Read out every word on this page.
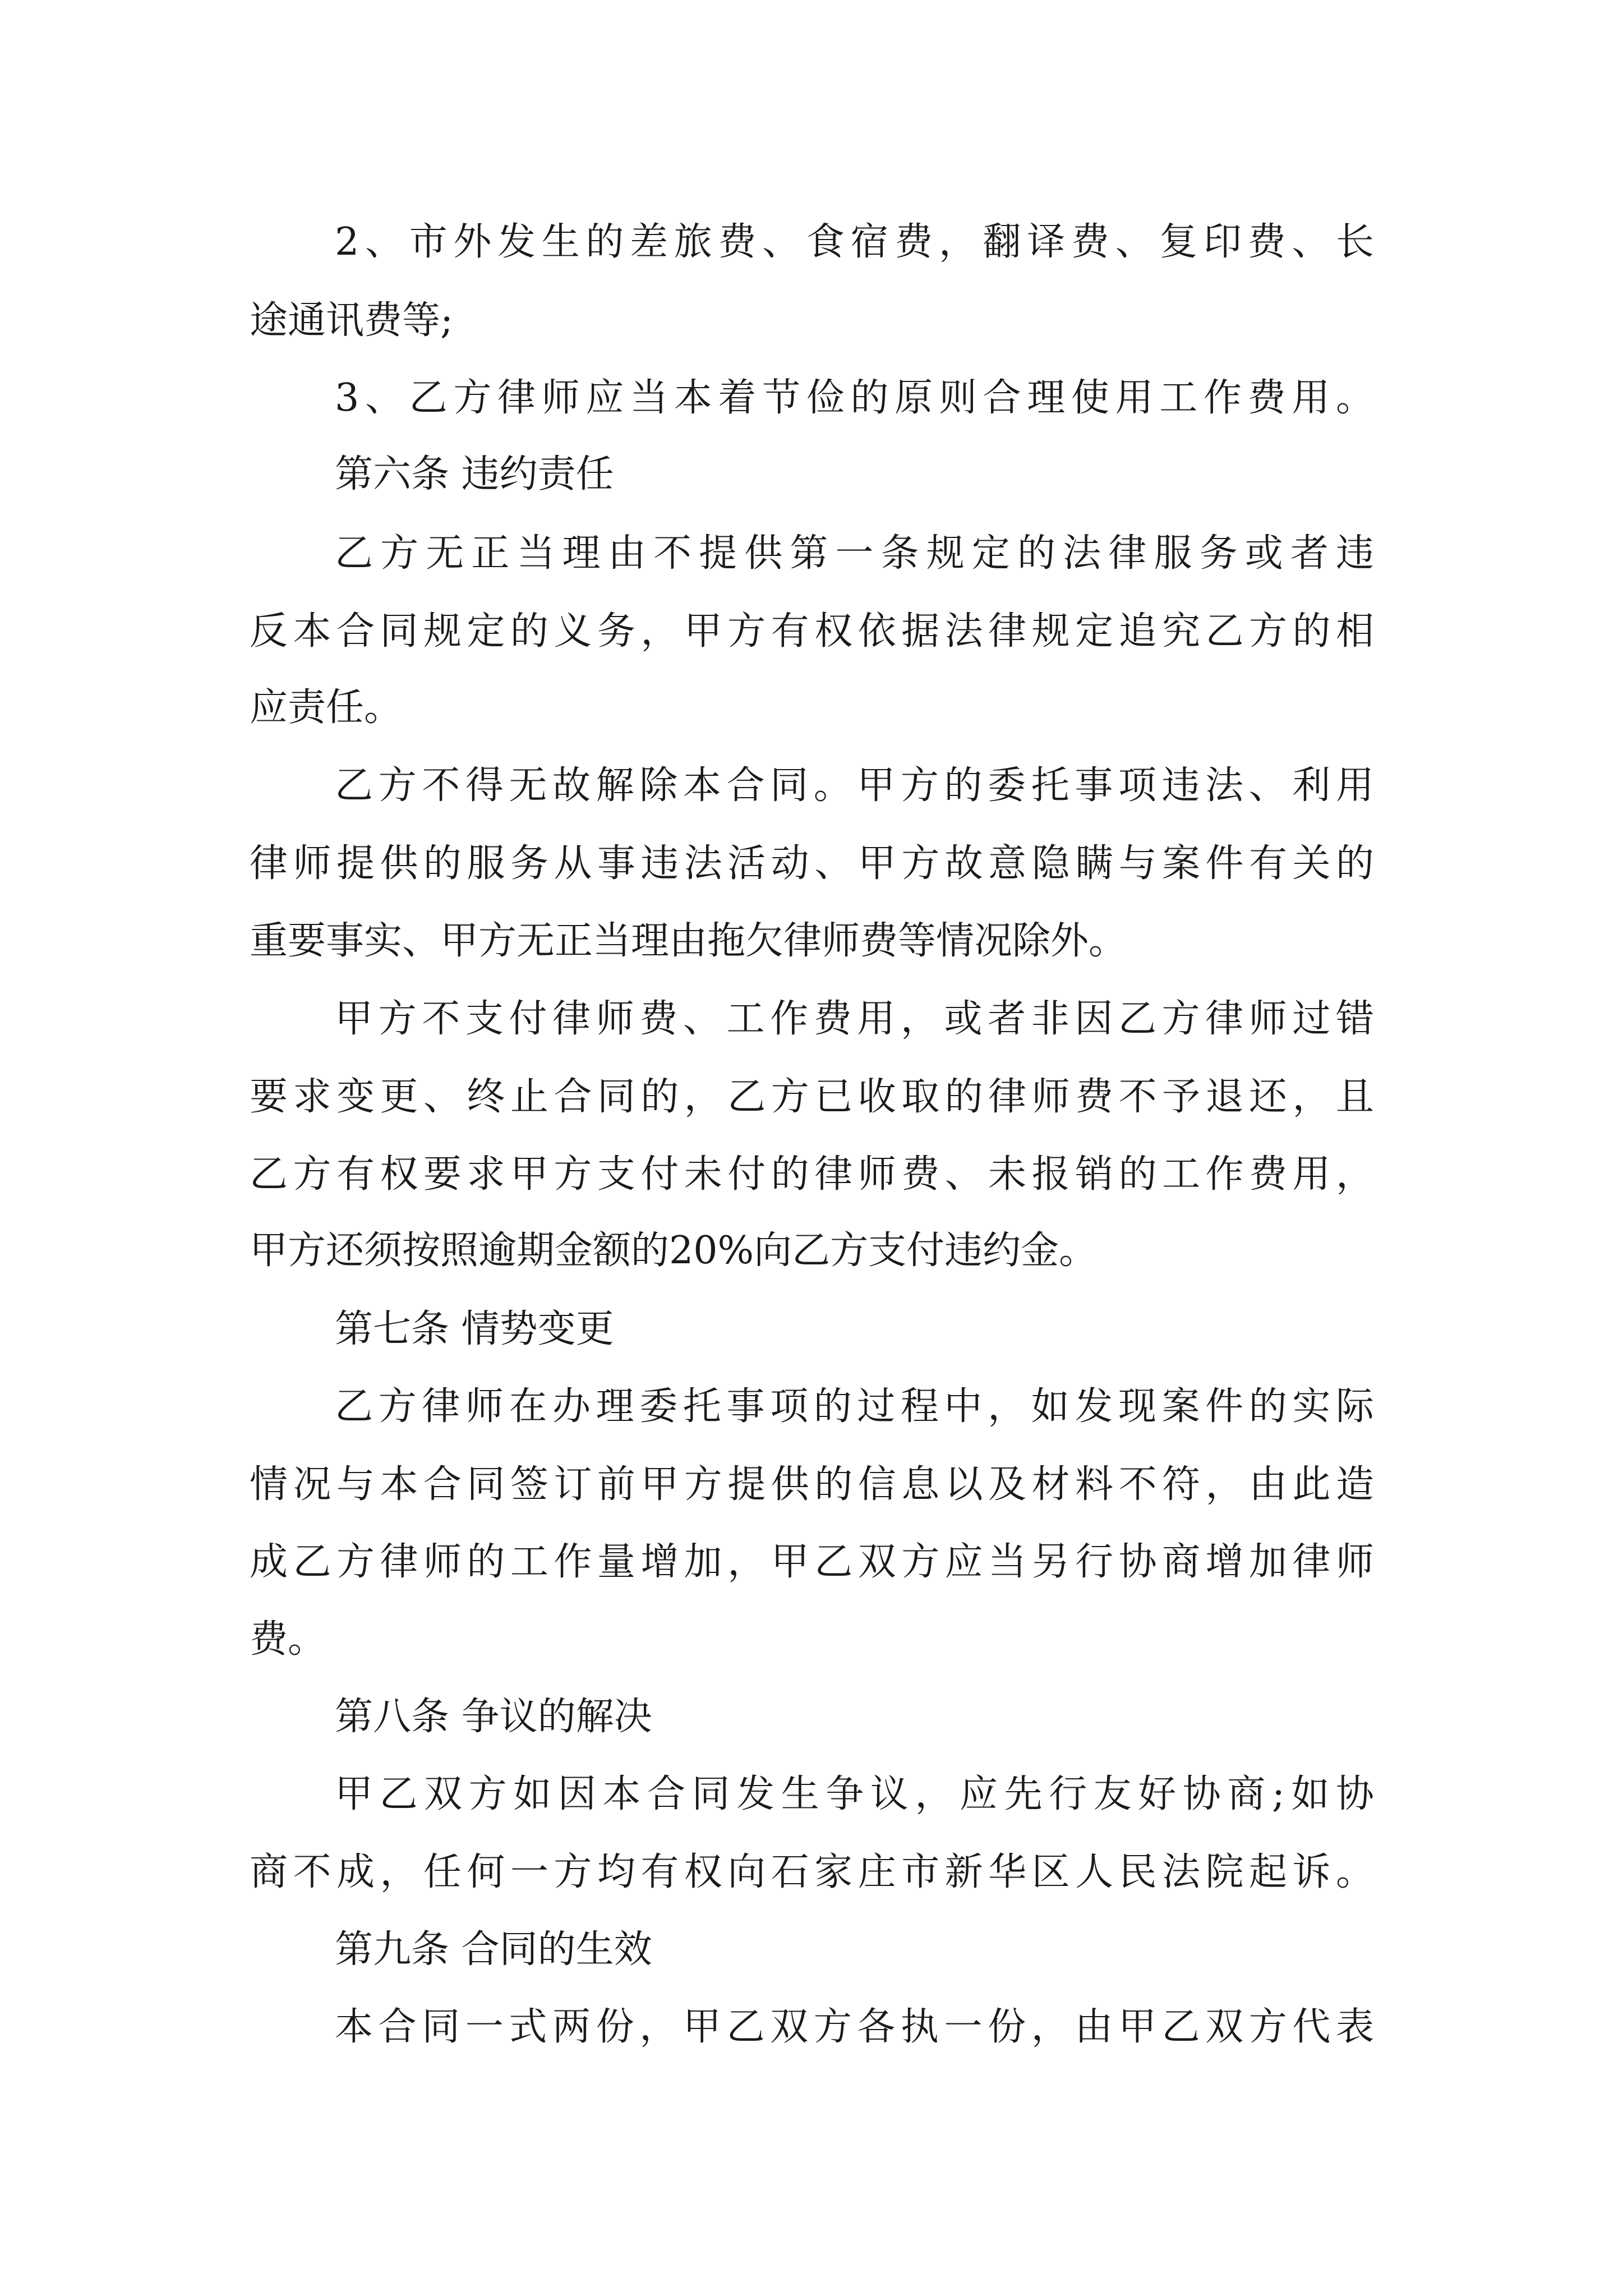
2、市外发生的差旅费、食宿费，翻译费、复印费、长

途通讯费等;

3、乙方律师应当本着节俭的原则合理使用工作费用。

第六条 违约责任

乙方无正当理由不提供第一条规定的法律服务或者违

反本合同规定的义务，甲方有权依据法律规定追究乙方的相

应责任。

乙方不得无故解除本合同。甲方的委托事项违法、利用

律师提供的服务从事违法活动、甲方故意隐瞒与案件有关的

重要事实、甲方无正当理由拖欠律师费等情况除外。

甲方不支付律师费、工作费用，或者非因乙方律师过错

要求变更、终止合同的，乙方已收取的律师费不予退还，且

乙方有权要求甲方支付未付的律师费、未报销的工作费用，

甲方还须按照逾期金额的20%向乙方支付违约金。

第七条 情势变更

乙方律师在办理委托事项的过程中，如发现案件的实际

情况与本合同签订前甲方提供的信息以及材料不符，由此造

成乙方律师的工作量增加，甲乙双方应当另行协商增加律师

费。

第八条 争议的解决

甲乙双方如因本合同发生争议，应先行友好协商;如协

商不成，任何一方均有权向石家庄市新华区人民法院起诉。

第九条 合同的生效

本合同一式两份，甲乙双方各执一份，由甲乙双方代表
